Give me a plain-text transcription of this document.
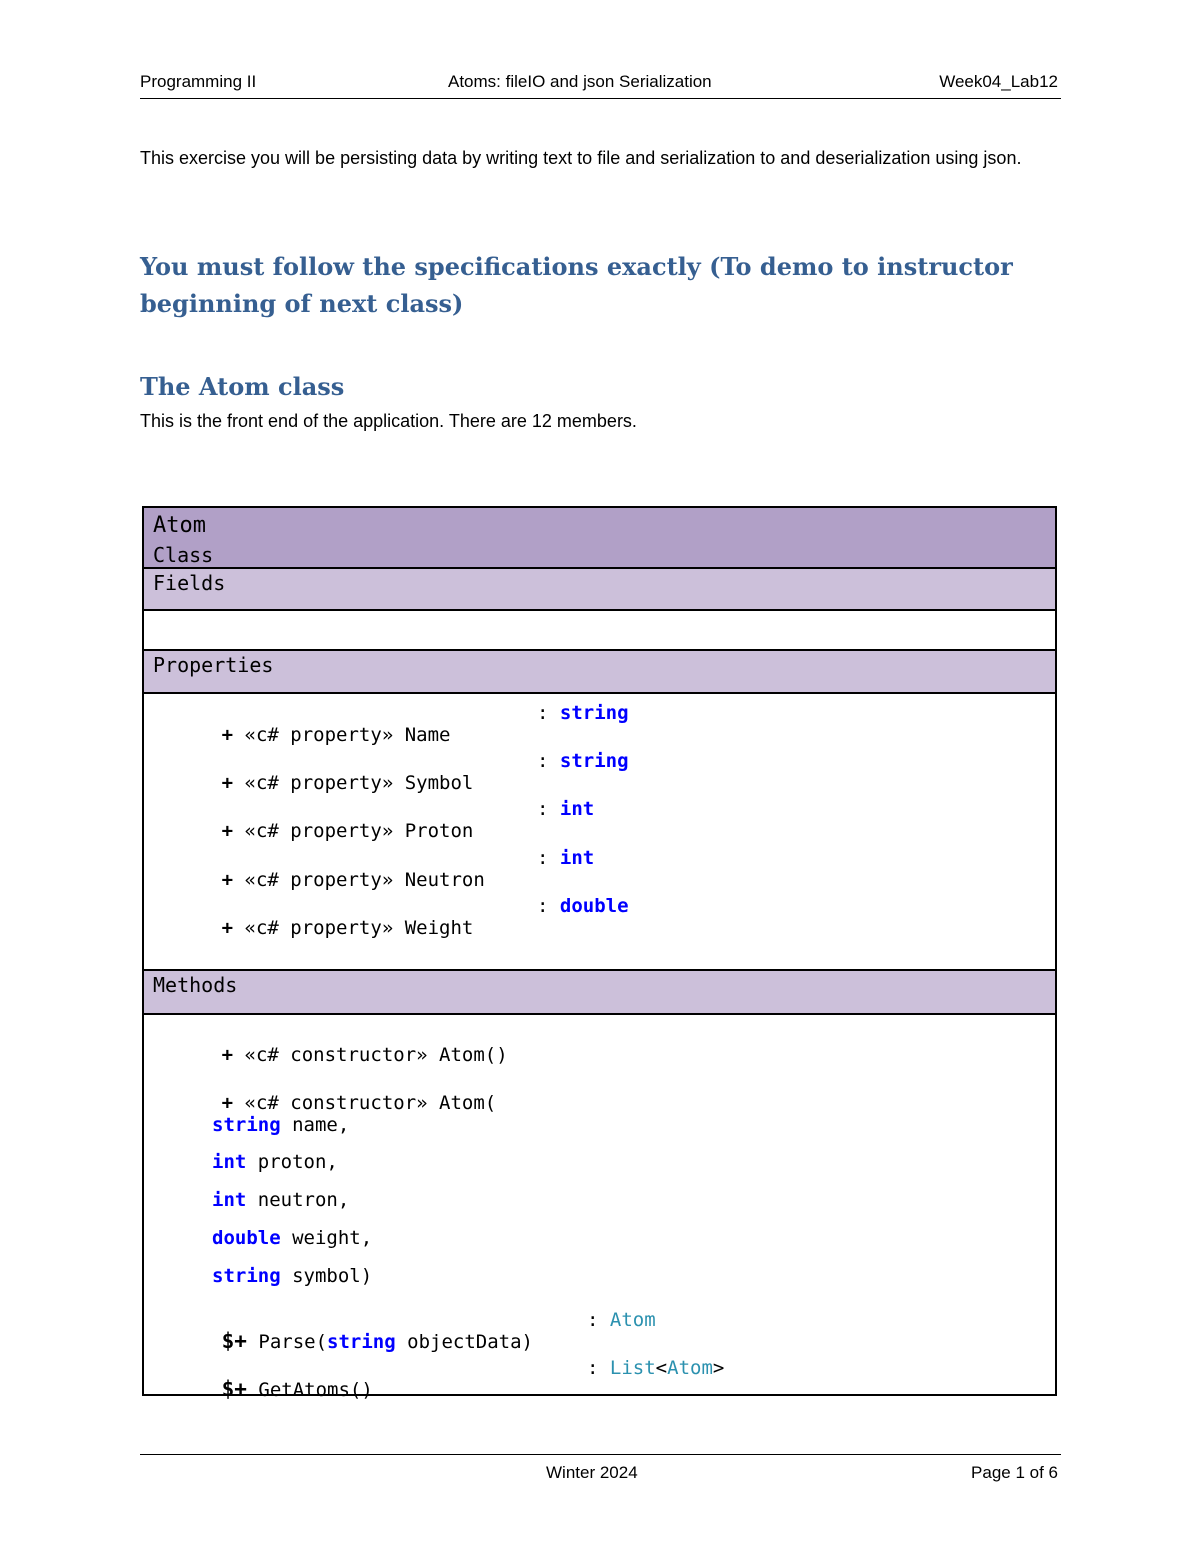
Programming II	Atoms: fileIO and json Serialization	Week04_Lab12
This exercise you will be persisting data by writing text to file and serialization to and deserialization using json.
You must follow the specifications exactly (To demo to instructor beginning of next class)
The Atom class
This is the front end of the application. There are 12 members.
Atom
Class
Fields
Properties

+ «c# property» Name

: string

+ «c# property» Symbol

: string

+ «c# property» Proton

: int

+ «c# property» Neutron

: int

+ «c# property» Weight

: double
Methods

+ «c# constructor» Atom()

+ «c# constructor» Atom(

string name,
int proton,
int neutron,
double weight,
string symbol)

$+ Parse(string objectData)

: Atom

$+ GetAtoms()

: List<Atom>
Winter 2024	Page 1 of 6
